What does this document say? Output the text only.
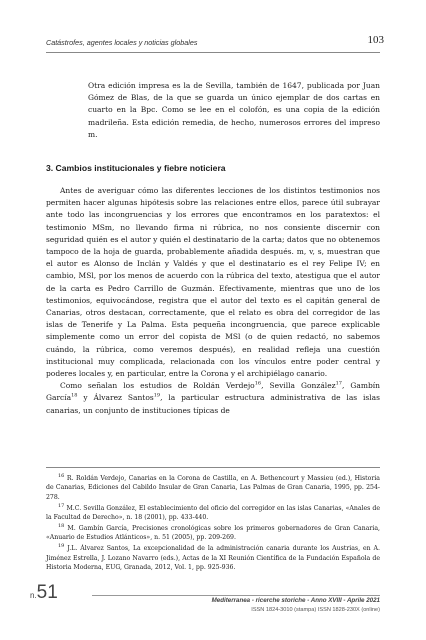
Catástrofes, agentes locales y noticias globales	103

Otra edición impresa es la de Sevilla, también de 1647, publicada por Juan Gómez de Blas, de la que se guarda un único ejemplar de dos cartas en cuarto en la Bpc. Como se lee en el colofón, es una copia de la edición madrileña. Esta edición remedia, de hecho, numerosos errores del impreso m.

3. Cambios institucionales y fiebre noticiera

Antes de averiguar cómo las diferentes lecciones de los distintos testimonios nos permiten hacer algunas hipótesis sobre las relaciones entre ellos, parece útil subrayar ante todo las incongruencias y los errores que encontramos en los paratextos: el testimonio MSm, no llevando firma ni rúbrica, no nos consiente discernir con seguridad quién es el autor y quién el destinatario de la carta; datos que no obtenemos tampoco de la hoja de guarda, probablemente añadida después. m, v, s, muestran que el autor es Alonso de Inclán y Valdés y que el destinatario es el rey Felipe IV; en cambio, MSl, por los menos de acuerdo con la rúbrica del texto, atestigua que el autor de la carta es Pedro Carrillo de Guzmán. Efectivamente, mientras que uno de los testimonios, equivocándose, registra que el autor del texto es el capitán general de Canarias, otros destacan, correctamente, que el relato es obra del corregidor de las islas de Tenerife y La Palma. Esta pequeña incongruencia, que parece explicable simplemente como un error del copista de MSl (o de quien redactó, no sabemos cuándo, la rúbrica, como veremos después), en realidad refleja una cuestión institucional muy complicada, relacionada con los vínculos entre poder central y poderes locales y, en particular, entre la Corona y el archipiélago canario.

Como señalan los estudios de Roldán Verdejo$^{16}$, Sevilla González$^{17}$, Gambín García$^{18}$ y Álvarez Santos$^{19}$, la particular estructura administrativa de las islas canarias, un conjunto de instituciones típicas de

$^{16}$ R. Roldán Verdejo, Canarias en la Corona de Castilla, en A. Bethencourt y Massieu (ed.), Historia de Canarias, Ediciones del Cabildo Insular de Gran Canaria, Las Palmas de Gran Canaria, 1995, pp. 254-278.

$^{17}$ M.C. Sevilla González, El establecimiento del oficio del corregidor en las islas Canarias, «Anales de la Facultad de Derecho», n. 18 (2001), pp. 433-440.

$^{18}$ M. Gambín García, Precisiones cronológicas sobre los primeros gobernadores de Gran Canaria, «Anuario de Estudios Atlánticos», n. 51 (2005), pp. 209-269.

$^{19}$ J.L. Álvarez Santos, La excepcionalidad de la administración canaria durante los Austrias, en A. Jiménez Estrella, J. Lozano Navarro (eds.), Actas de la XI Reunión Científica de la Fundación Española de Historia Moderna, EUG, Granada, 2012, Vol. 1, pp. 925-936.

n.51	Mediterranea - ricerche storiche - Anno XVIII - Aprile 2021
ISSN 1824-3010 (stampa) ISSN 1828-230X (online)
